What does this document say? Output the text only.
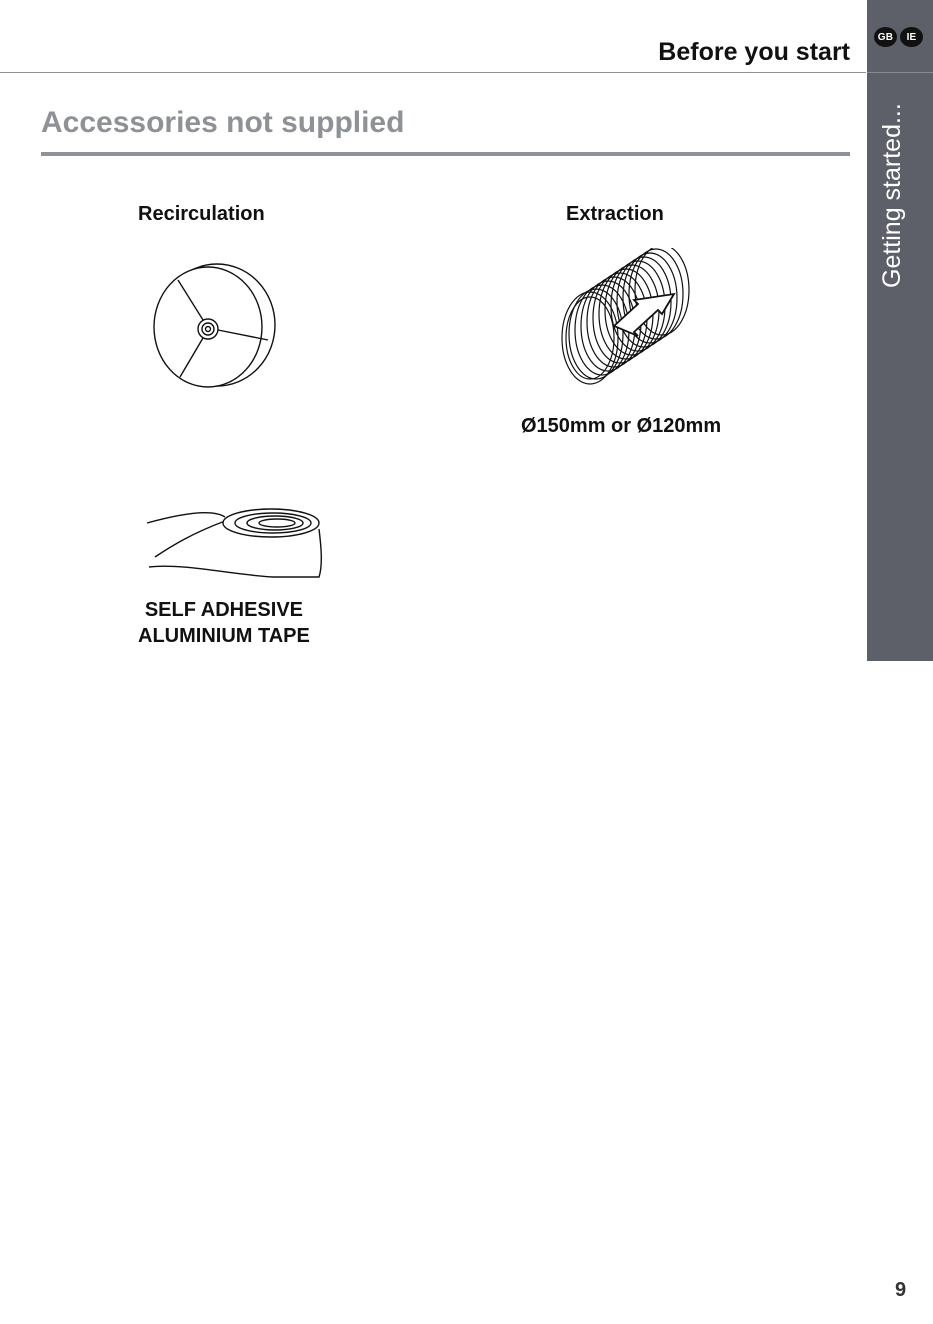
Before you start
GB	IE
Getting started...
Accessories not supplied
Recirculation	Extraction
Ø150mm or Ø120mm
SELF ADHESIVE
ALUMINIUM TAPE
9
